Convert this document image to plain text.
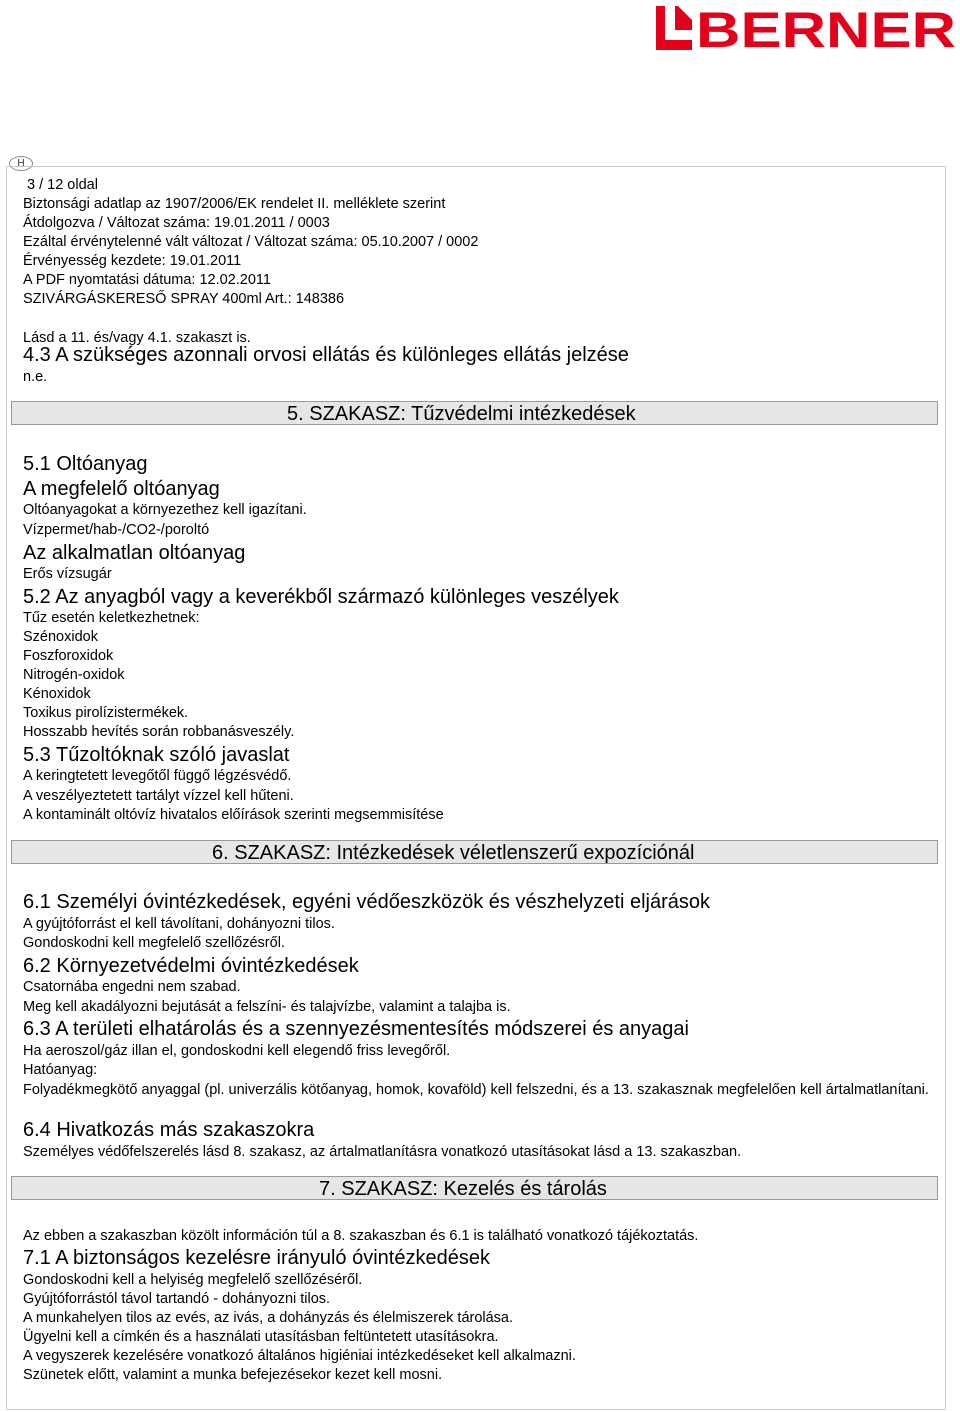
BERNER
H
3 / 12 oldal
Biztonsági adatlap az 1907/2006/EK rendelet II. melléklete szerint
Átdolgozva / Változat száma: 19.01.2011 / 0003
Ezáltal érvénytelenné vált változat / Változat száma: 05.10.2007 / 0002
Érvényesség kezdete: 19.01.2011
A PDF nyomtatási dátuma: 12.02.2011
SZIVÁRGÁSKERESŐ SPRAY 400ml Art.: 148386
Lásd a 11. és/vagy 4.1. szakaszt is.
4.3 A szükséges azonnali orvosi ellátás és különleges ellátás jelzése
n.e.
5. SZAKASZ: Tűzvédelmi intézkedések
5.1 Oltóanyag
A megfelelő oltóanyag
Oltóanyagokat a környezethez kell igazítani.
Vízpermet/hab-/CO2-/poroltó
Az alkalmatlan oltóanyag
Erős vízsugár
5.2 Az anyagból vagy a keverékből származó különleges veszélyek
Tűz esetén keletkezhetnek:
Szénoxidok
Foszforoxidok
Nitrogén-oxidok
Kénoxidok
Toxikus pirolízistermékek.
Hosszabb hevítés során robbanásveszély.
5.3 Tűzoltóknak szóló javaslat
A keringtetett levegőtől függő légzésvédő.
A veszélyeztetett tartályt vízzel kell hűteni.
A kontaminált oltóvíz hivatalos előírások szerinti megsemmisítése
6. SZAKASZ: Intézkedések véletlenszerű expozíciónál
6.1 Személyi óvintézkedések, egyéni védőeszközök és vészhelyzeti eljárások
A gyújtóforrást el kell távolítani, dohányozni tilos.
Gondoskodni kell megfelelő szellőzésről.
6.2 Környezetvédelmi óvintézkedések
Csatornába engedni nem szabad.
Meg kell akadályozni bejutását a felszíni- és talajvízbe, valamint a talajba is.
6.3 A területi elhatárolás és a szennyezésmentesítés módszerei és anyagai
Ha aeroszol/gáz illan el, gondoskodni kell elegendő friss levegőről.
Hatóanyag:
Folyadékmegkötő anyaggal (pl. univerzális kötőanyag, homok, kovaföld) kell felszedni, és a 13. szakasznak megfelelően kell ártalmatlanítani.
6.4 Hivatkozás más szakaszokra
Személyes védőfelszerelés lásd 8. szakasz, az ártalmatlanításra vonatkozó utasításokat lásd a 13. szakaszban.
7. SZAKASZ: Kezelés és tárolás
Az ebben a szakaszban közölt információn túl a 8. szakaszban és 6.1 is található vonatkozó tájékoztatás.
7.1 A biztonságos kezelésre irányuló óvintézkedések
Gondoskodni kell a helyiség megfelelő szellőzéséről.
Gyújtóforrástól távol tartandó - dohányozni tilos.
A munkahelyen tilos az evés, az ivás, a dohányzás és élelmiszerek tárolása.
Ügyelni kell a címkén és a használati utasításban feltüntetett utasításokra.
A vegyszerek kezelésére vonatkozó általános higiéniai intézkedéseket kell alkalmazni.
Szünetek előtt, valamint a munka befejezésekor kezet kell mosni.
